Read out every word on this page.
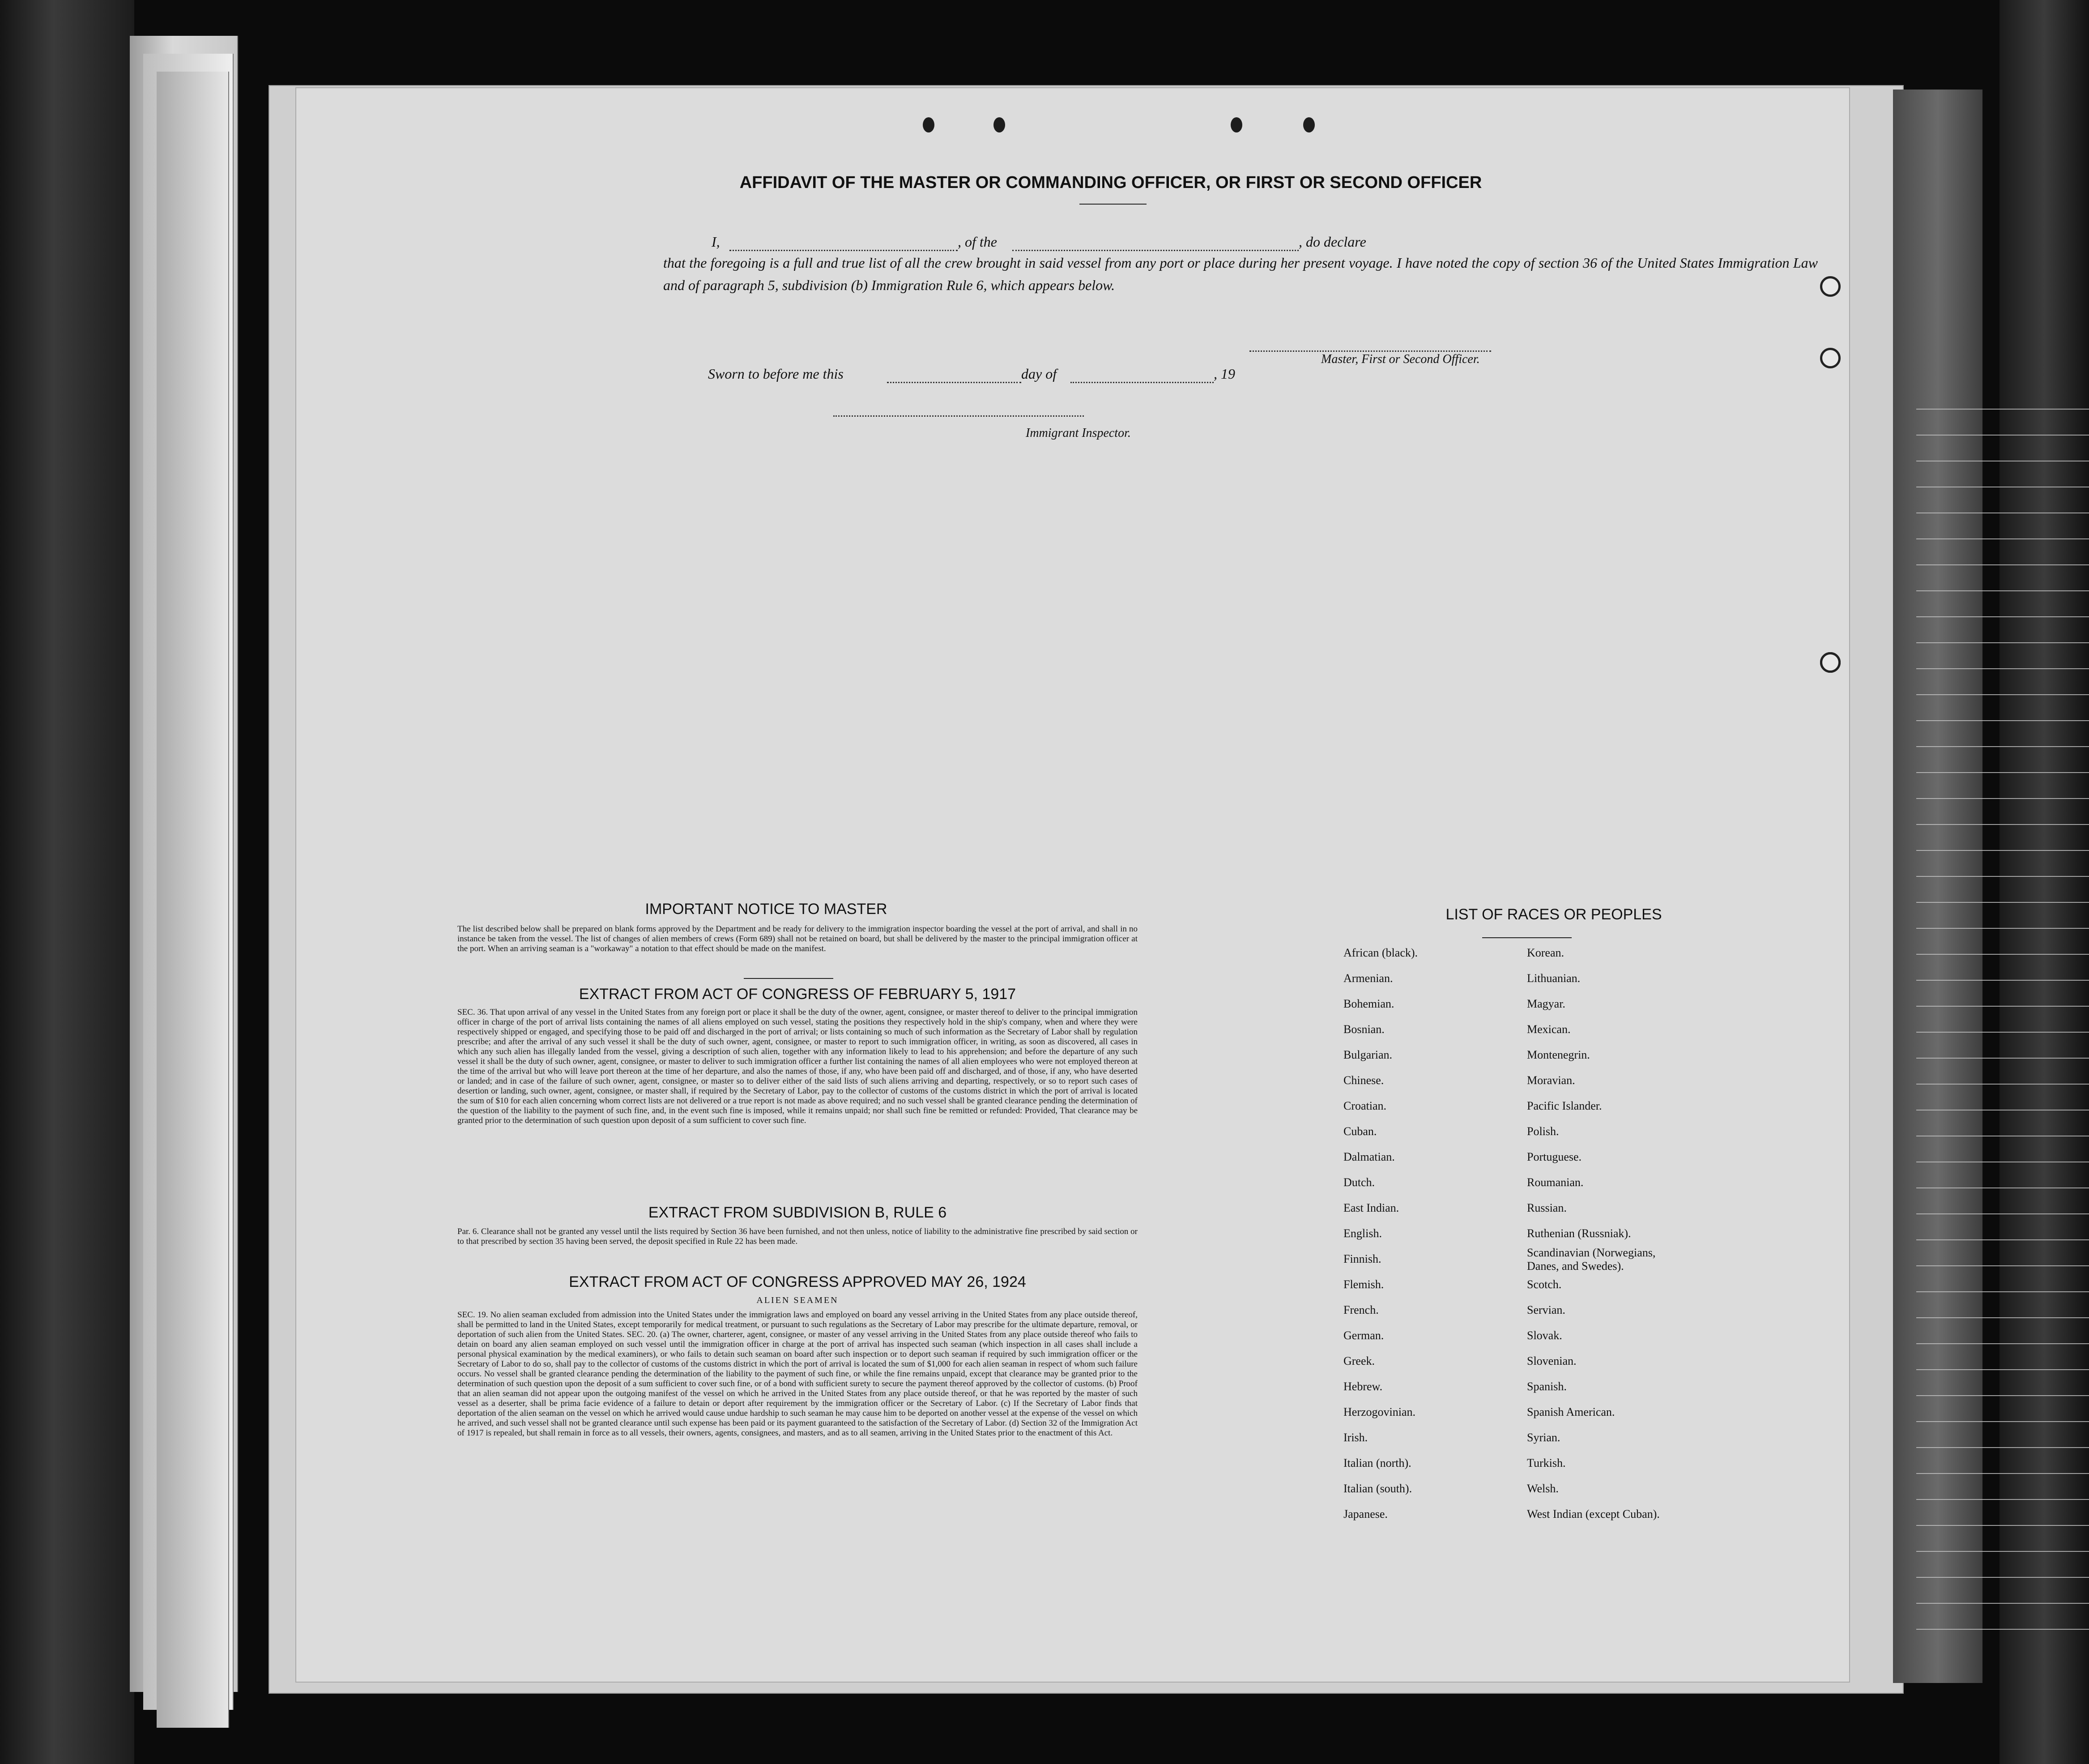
AFFIDAVIT OF THE MASTER OR COMMANDING OFFICER, OR FIRST OR SECOND OFFICER
I,	, of the	, do declare
that the foregoing is a full and true list of all the crew brought in said vessel from any port or place during her present voyage. I have noted the copy of section 36 of the United States Immigration Law and of paragraph 5, subdivision (b) Immigration Rule 6, which appears below.
Master, First or Second Officer.
Sworn to before me this	day of	, 19
Immigrant Inspector.
IMPORTANT NOTICE TO MASTER
The list described below shall be prepared on blank forms approved by the Department and be ready for delivery to the immigration inspector boarding the vessel at the port of arrival, and shall in no instance be taken from the vessel. The list of changes of alien members of crews (Form 689) shall not be retained on board, but shall be delivered by the master to the principal immigration officer at the port. When an arriving seaman is a "workaway" a notation to that effect should be made on the manifest.
EXTRACT FROM ACT OF CONGRESS OF FEBRUARY 5, 1917
SEC. 36. That upon arrival of any vessel in the United States from any foreign port or place it shall be the duty of the owner, agent, consignee, or master thereof to deliver to the principal immigration officer in charge of the port of arrival lists containing the names of all aliens employed on such vessel, stating the positions they respectively hold in the ship's company, when and where they were respectively shipped or engaged, and specifying those to be paid off and discharged in the port of arrival; or lists containing so much of such information as the Secretary of Labor shall by regulation prescribe; and after the arrival of any such vessel it shall be the duty of such owner, agent, consignee, or master to report to such immigration officer, in writing, as soon as discovered, all cases in which any such alien has illegally landed from the vessel, giving a description of such alien, together with any information likely to lead to his apprehension; and before the departure of any such vessel it shall be the duty of such owner, agent, consignee, or master to deliver to such immigration officer a further list containing the names of all alien employees who were not employed thereon at the time of the arrival but who will leave port thereon at the time of her departure, and also the names of those, if any, who have been paid off and discharged, and of those, if any, who have deserted or landed; and in case of the failure of such owner, agent, consignee, or master so to deliver either of the said lists of such aliens arriving and departing, respectively, or so to report such cases of desertion or landing, such owner, agent, consignee, or master shall, if required by the Secretary of Labor, pay to the collector of customs of the customs district in which the port of arrival is located the sum of $10 for each alien concerning whom correct lists are not delivered or a true report is not made as above required; and no such vessel shall be granted clearance pending the determination of the question of the liability to the payment of such fine, and, in the event such fine is imposed, while it remains unpaid; nor shall such fine be remitted or refunded: Provided, That clearance may be granted prior to the determination of such question upon deposit of a sum sufficient to cover such fine.
EXTRACT FROM SUBDIVISION B, RULE 6
Par. 6. Clearance shall not be granted any vessel until the lists required by Section 36 have been furnished, and not then unless, notice of liability to the administrative fine prescribed by said section or to that prescribed by section 35 having been served, the deposit specified in Rule 22 has been made.
EXTRACT FROM ACT OF CONGRESS APPROVED MAY 26, 1924
ALIEN SEAMEN
SEC. 19. No alien seaman excluded from admission into the United States under the immigration laws and employed on board any vessel arriving in the United States from any place outside thereof, shall be permitted to land in the United States, except temporarily for medical treatment, or pursuant to such regulations as the Secretary of Labor may prescribe for the ultimate departure, removal, or deportation of such alien from the United States. SEC. 20. (a) The owner, charterer, agent, consignee, or master of any vessel arriving in the United States from any place outside thereof who fails to detain on board any alien seaman employed on such vessel until the immigration officer in charge at the port of arrival has inspected such seaman (which inspection in all cases shall include a personal physical examination by the medical examiners), or who fails to detain such seaman on board after such inspection or to deport such seaman if required by such immigration officer or the Secretary of Labor to do so, shall pay to the collector of customs of the customs district in which the port of arrival is located the sum of $1,000 for each alien seaman in respect of whom such failure occurs. No vessel shall be granted clearance pending the determination of the liability to the payment of such fine, or while the fine remains unpaid, except that clearance may be granted prior to the determination of such question upon the deposit of a sum sufficient to cover such fine, or of a bond with sufficient surety to secure the payment thereof approved by the collector of customs. (b) Proof that an alien seaman did not appear upon the outgoing manifest of the vessel on which he arrived in the United States from any place outside thereof, or that he was reported by the master of such vessel as a deserter, shall be prima facie evidence of a failure to detain or deport after requirement by the immigration officer or the Secretary of Labor. (c) If the Secretary of Labor finds that deportation of the alien seaman on the vessel on which he arrived would cause undue hardship to such seaman he may cause him to be deported on another vessel at the expense of the vessel on which he arrived, and such vessel shall not be granted clearance until such expense has been paid or its payment guaranteed to the satisfaction of the Secretary of Labor. (d) Section 32 of the Immigration Act of 1917 is repealed, but shall remain in force as to all vessels, their owners, agents, consignees, and masters, and as to all seamen, arriving in the United States prior to the enactment of this Act.
LIST OF RACES OR PEOPLES
African (black).
Armenian.
Bohemian.
Bosnian.
Bulgarian.
Chinese.
Croatian.
Cuban.
Dalmatian.
Dutch.
East Indian.
English.
Finnish.
Flemish.
French.
German.
Greek.
Hebrew.
Herzogovinian.
Irish.
Italian (north).
Italian (south).
Japanese.
Korean.
Lithuanian.
Magyar.
Mexican.
Montenegrin.
Moravian.
Pacific Islander.
Polish.
Portuguese.
Roumanian.
Russian.
Ruthenian (Russniak).
Scandinavian (Norwegians, Danes, and Swedes).
Scotch.
Servian.
Slovak.
Slovenian.
Spanish.
Spanish American.
Syrian.
Turkish.
Welsh.
West Indian (except Cuban).
